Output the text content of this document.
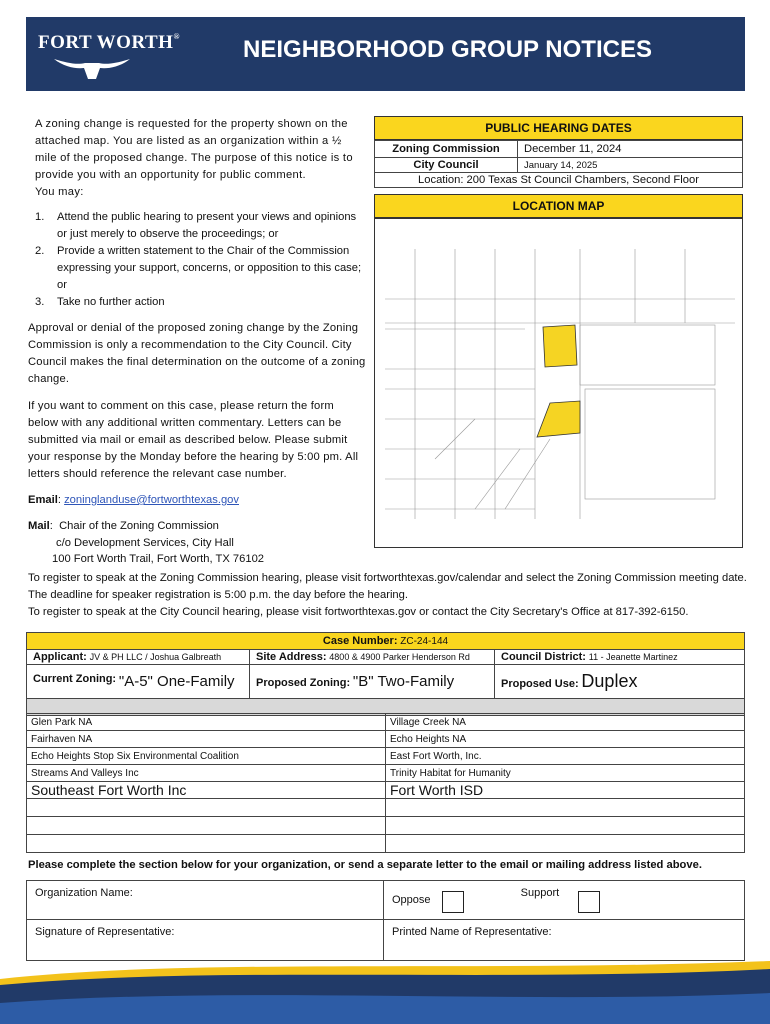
FORT WORTH®	NEIGHBORHOOD GROUP NOTICES
A zoning change is requested for the property shown on the attached map. You are listed as an organization within a ½ mile of the proposed change. The purpose of this notice is to provide you with an opportunity for public comment.
You may:
1. Attend the public hearing to present your views and opinions or just merely to observe the proceedings; or
2. Provide a written statement to the Chair of the Commission expressing your support, concerns, or opposition to this case; or
3. Take no further action
Approval or denial of the proposed zoning change by the Zoning Commission is only a recommendation to the City Council. City Council makes the final determination on the outcome of a zoning change.
If you want to comment on this case, please return the form below with any additional written commentary. Letters can be submitted via mail or email as described below. Please submit your response by the Monday before the hearing by 5:00 pm. All letters should reference the relevant case number.
Email: zoninglanduse@fortworthtexas.gov
Mail:  Chair of the Zoning Commission
c/o Development Services, City Hall
100 Fort Worth Trail, Fort Worth, TX 76102
To register to speak at the Zoning Commission hearing, please visit fortworthtexas.gov/calendar and select the Zoning Commission meeting date. The deadline for speaker registration is 5:00 p.m. the day before the hearing.
To register to speak at the City Council hearing, please visit fortworthtexas.gov or contact the City Secretary's Office at 817-392-6150.
PUBLIC HEARING DATES
Zoning Commission	December 11, 2024
City Council	January 14, 2025
Location: 200 Texas St Council Chambers, Second Floor	
LOCATION MAP
Case Number: ZC-24-144		
Applicant: JV & PH LLC / Joshua Galbreath	Site Address: 4800 & 4900 Parker Henderson Rd	Council District: 11 - Jeanette Martinez
Current Zoning: "A-5" One-Family	Proposed Zoning: "B" Two-Family	Proposed Use: Duplex

Glen Park NA	Village Creek NA
Fairhaven NA	Echo Heights NA
Echo Heights Stop Six Environmental Coalition	East Fort Worth, Inc.
Streams And Valleys Inc	Trinity Habitat for Humanity
Southeast Fort Worth Inc	Fort Worth ISD

Please complete the section below for your organization, or send a separate letter to the email or mailing address listed above.
Organization Name:	Oppose  Support
Signature of Representative:	Printed Name of Representative:
